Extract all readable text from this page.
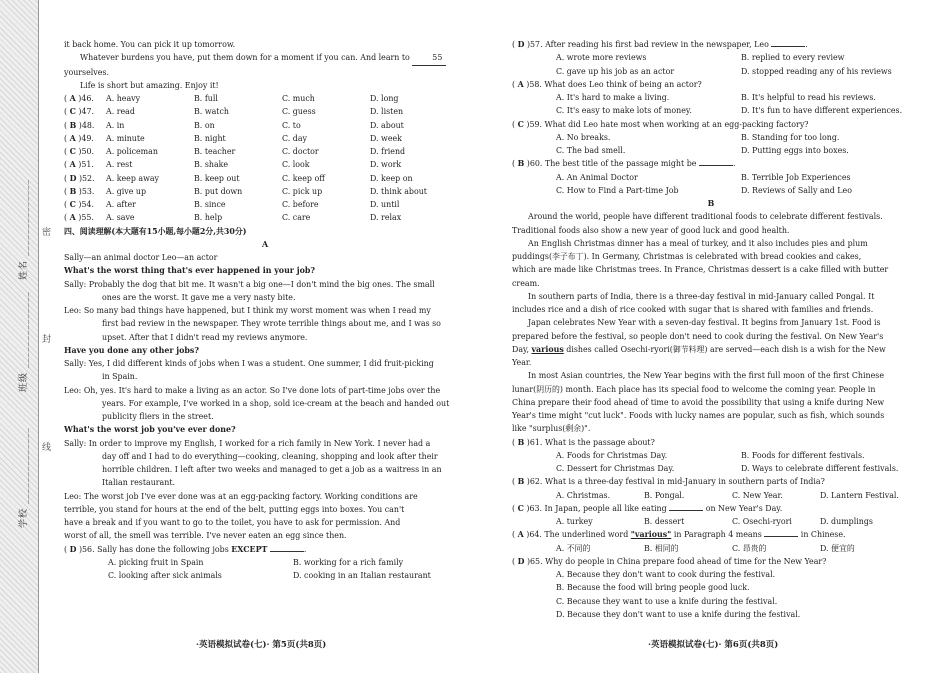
学校 ______________
班级 ______________
姓名 ______________ 密
封
线
it back home. You can pick it up tomorrow.
Whatever burdens you have, put them down for a moment if you can. And learn to	55
yourselves.
Life is short but amazing. Enjoy it!
( A )46.	A. heavy	B. full	C. much	D. long
( C )47.	A. read	B. watch	C. guess	D. listen
( B )48.	A. in	B. on	C. to	D. about
( A )49.	A. minute	B. night	C. day	D. week
( C )50.	A. policeman	B. teacher	C. doctor	D. friend
( A )51.	A. rest	B. shake	C. look	D. work
( D )52.	A. keep away	B. keep out	C. keep off	D. keep on
( B )53.	A. give up	B. put down	C. pick up	D. think about
( C )54.	A. after	B. since	C. before	D. until
( A )55.	A. save	B. help	C. care	D. relax
四、阅读理解(本大题有15小题,每小题2分,共30分)
A
Sally—an animal doctor Leo—an actor
What's the worst thing that's ever happened in your job?
Sally: Probably the dog that bit me. It wasn't a big one—I don't mind the big ones. The small
ones are the worst. It gave me a very nasty bite.
Leo: So many bad things have happened, but I think my worst moment was when I read my
first bad review in the newspaper. They wrote terrible things about me, and I was so
upset. After that I didn't read my reviews anymore.
Have you done any other jobs?
Sally: Yes, I did different kinds of jobs when I was a student. One summer, I did fruit-picking
in Spain.
Leo: Oh, yes. It's hard to make a living as an actor. So I've done lots of part-time jobs over the
years. For example, I've worked in a shop, sold ice-cream at the beach and handed out
publicity fliers in the street.
What's the worst job you've ever done?
Sally: In order to improve my English, I worked for a rich family in New York. I never had a
day off and I had to do everything—cooking, cleaning, shopping and look after their
horrible children. I left after two weeks and managed to get a job as a waitress in an
Italian restaurant.
Leo: The worst job I've ever done was at an egg-packing factory. Working conditions are
terrible, you stand for hours at the end of the belt, putting eggs into boxes. You can't
have a break and if you want to go to the toilet, you have to ask for permission. And
worst of all, the smell was terrible. I've never eaten an egg since then.
( D )56. Sally has done the following jobs EXCEPT	.
A. picking fruit in Spain	B. working for a rich family
C. looking after sick animals	D. cooking in an Italian restaurant
( D )57. After reading his first bad review in the newspaper, Leo	.
A. wrote more reviews	B. replied to every review
C. gave up his job as an actor	D. stopped reading any of his reviews
( A )58. What does Leo think of being an actor?
A. It's hard to make a living.	B. It's helpful to read his reviews.
C. It's easy to make lots of money.	D. It's fun to have different experiences.
( C )59. What did Leo hate most when working at an egg-packing factory?
A. No breaks.	B. Standing for too long.
C. The bad smell.	D. Putting eggs into boxes.
( B )60. The best title of the passage might be	.
A. An Animal Doctor	B. Terrible Job Experiences
C. How to Find a Part-time Job	D. Reviews of Sally and Leo
B
Around the world, people have different traditional foods to celebrate different festivals.
Traditional foods also show a new year of good luck and good health.
An English Christmas dinner has a meal of turkey, and it also includes pies and plum
puddings(李子布丁). In Germany, Christmas is celebrated with bread cookies and cakes,
which are made like Christmas trees. In France, Christmas dessert is a cake filled with butter
cream.
In southern parts of India, there is a three-day festival in mid-January called Pongal. It
includes rice and a dish of rice cooked with sugar that is shared with families and friends.
Japan celebrates New Year with a seven-day festival. It begins from January 1st. Food is
prepared before the festival, so people don't need to cook during the festival. On New Year's
Day, various dishes called Osechi-ryori(御节料理) are served—each dish is a wish for the New
Year.
In most Asian countries, the New Year begins with the first full moon of the first Chinese
lunar(阴历的) month. Each place has its special food to welcome the coming year. People in
China prepare their food ahead of time to avoid the possibility that using a knife during New
Year's time might "cut luck". Foods with lucky names are popular, such as fish, which sounds
like "surplus(剩余)".
( B )61. What is the passage about?
A. Foods for Christmas Day.	B. Foods for different festivals.
C. Dessert for Christmas Day.	D. Ways to celebrate different festivals.
( B )62. What is a three-day festival in mid-January in southern parts of India?
A. Christmas.	B. Pongal.	C. New Year.	D. Lantern Festival.
( C )63. In Japan, people all like eating	on New Year's Day.
A. turkey	B. dessert	C. Osechi-ryori	D. dumplings
( A )64. The underlined word "various" in Paragraph 4 means	in Chinese.
A. 不同的	B. 相同的	C. 昂贵的	D. 便宜的
( D )65. Why do people in China prepare food ahead of time for the New Year?
A. Because they don't want to cook during the festival.
B. Because the food will bring people good luck.
C. Because they want to use a knife during the festival.
D. Because they don't want to use a knife during the festival.
·英语模拟试卷(七)· 第5页(共8页)	·英语模拟试卷(七)· 第6页(共8页)
